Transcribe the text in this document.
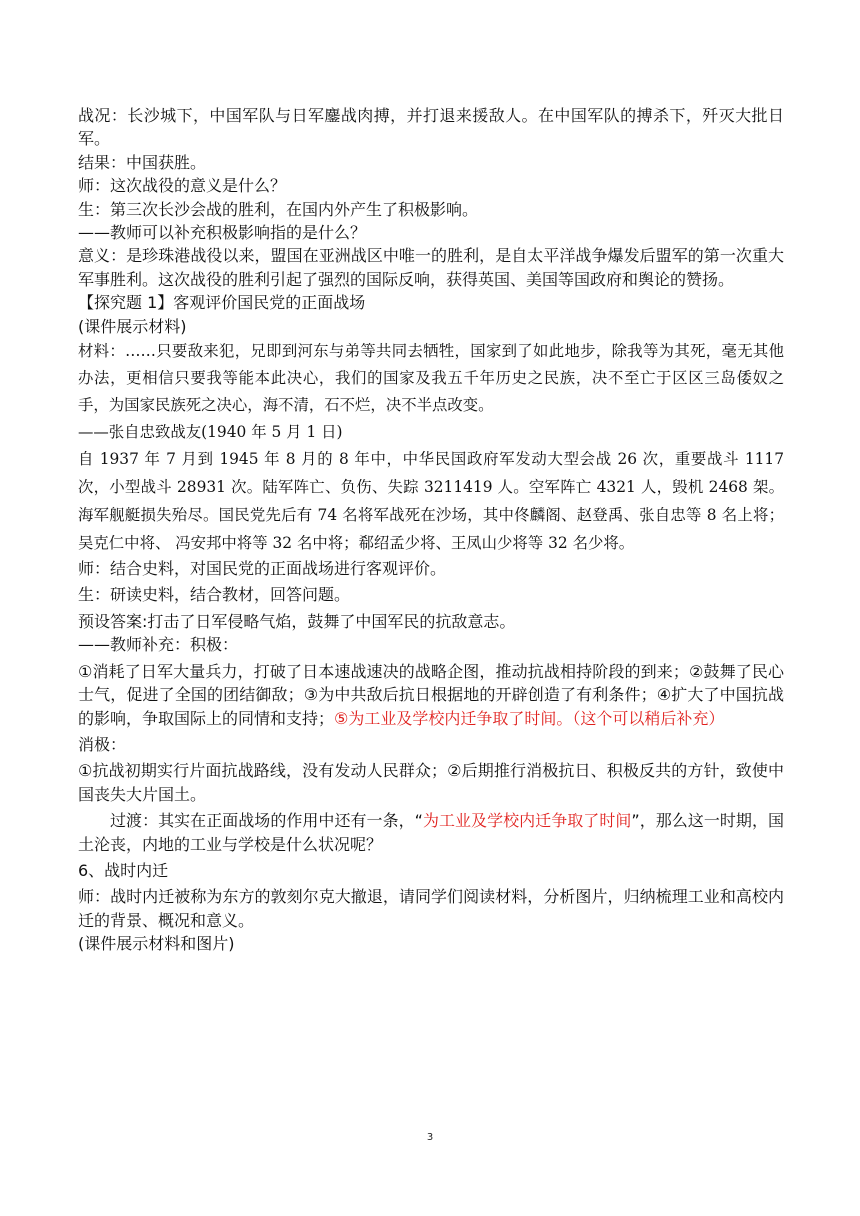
战况：长沙城下，中国军队与日军鏖战肉搏，并打退来援敌人。在中国军队的搏杀下，歼灭大批日军。

结果：中国获胜。

师：这次战役的意义是什么？

生：第三次长沙会战的胜利，在国内外产生了积极影响。

——教师可以补充积极影响指的是什么？

意义：是珍珠港战役以来，盟国在亚洲战区中唯一的胜利，是自太平洋战争爆发后盟军的第一次重大军事胜利。这次战役的胜利引起了强烈的国际反响，获得英国、美国等国政府和舆论的赞扬。

【探究题 1】客观评价国民党的正面战场

(课件展示材料)

材料：……只要敌来犯，兄即到河东与弟等共同去牺牲，国家到了如此地步，除我等为其死，毫无其他办法，更相信只要我等能本此决心，我们的国家及我五千年历史之民族，决不至亡于区区三岛倭奴之手，为国家民族死之决心，海不清，石不烂，决不半点改变。

——张自忠致战友(1940 年 5 月 1 日)

自 1937 年 7 月到 1945 年 8 月的 8 年中，中华民国政府军发动大型会战 26 次，重要战斗 1117 次，小型战斗 28931 次。陆军阵亡、负伤、失踪 3211419 人。空军阵亡 4321 人，毁机 2468 架。海军舰艇损失殆尽。国民党先后有 74 名将军战死在沙场，其中佟麟阁、赵登禹、张自忠等 8 名上将；吴克仁中将、 冯安邦中将等 32 名中将；郗绍孟少将、王凤山少将等 32 名少将。

师：结合史料，对国民党的正面战场进行客观评价。

生：研读史料，结合教材，回答问题。

预设答案:打击了日军侵略气焰，鼓舞了中国军民的抗敌意志。

——教师补充：积极：

①消耗了日军大量兵力，打破了日本速战速决的战略企图，推动抗战相持阶段的到来；②鼓舞了民心士气，促进了全国的团结御敌；③为中共敌后抗日根据地的开辟创造了有利条件；④扩大了中国抗战的影响，争取国际上的同情和支持；⑤为工业及学校内迁争取了时间。（这个可以稍后补充）

消极：

①抗战初期实行片面抗战路线，没有发动人民群众；②后期推行消极抗日、积极反共的方针，致使中国丧失大片国土。

过渡：其实在正面战场的作用中还有一条，“为工业及学校内迁争取了时间”，那么这一时期，国土沦丧，内地的工业与学校是什么状况呢？

6、战时内迁

师：战时内迁被称为东方的敦刻尔克大撤退，请同学们阅读材料，分析图片，归纳梳理工业和高校内迁的背景、概况和意义。

(课件展示材料和图片)

3
